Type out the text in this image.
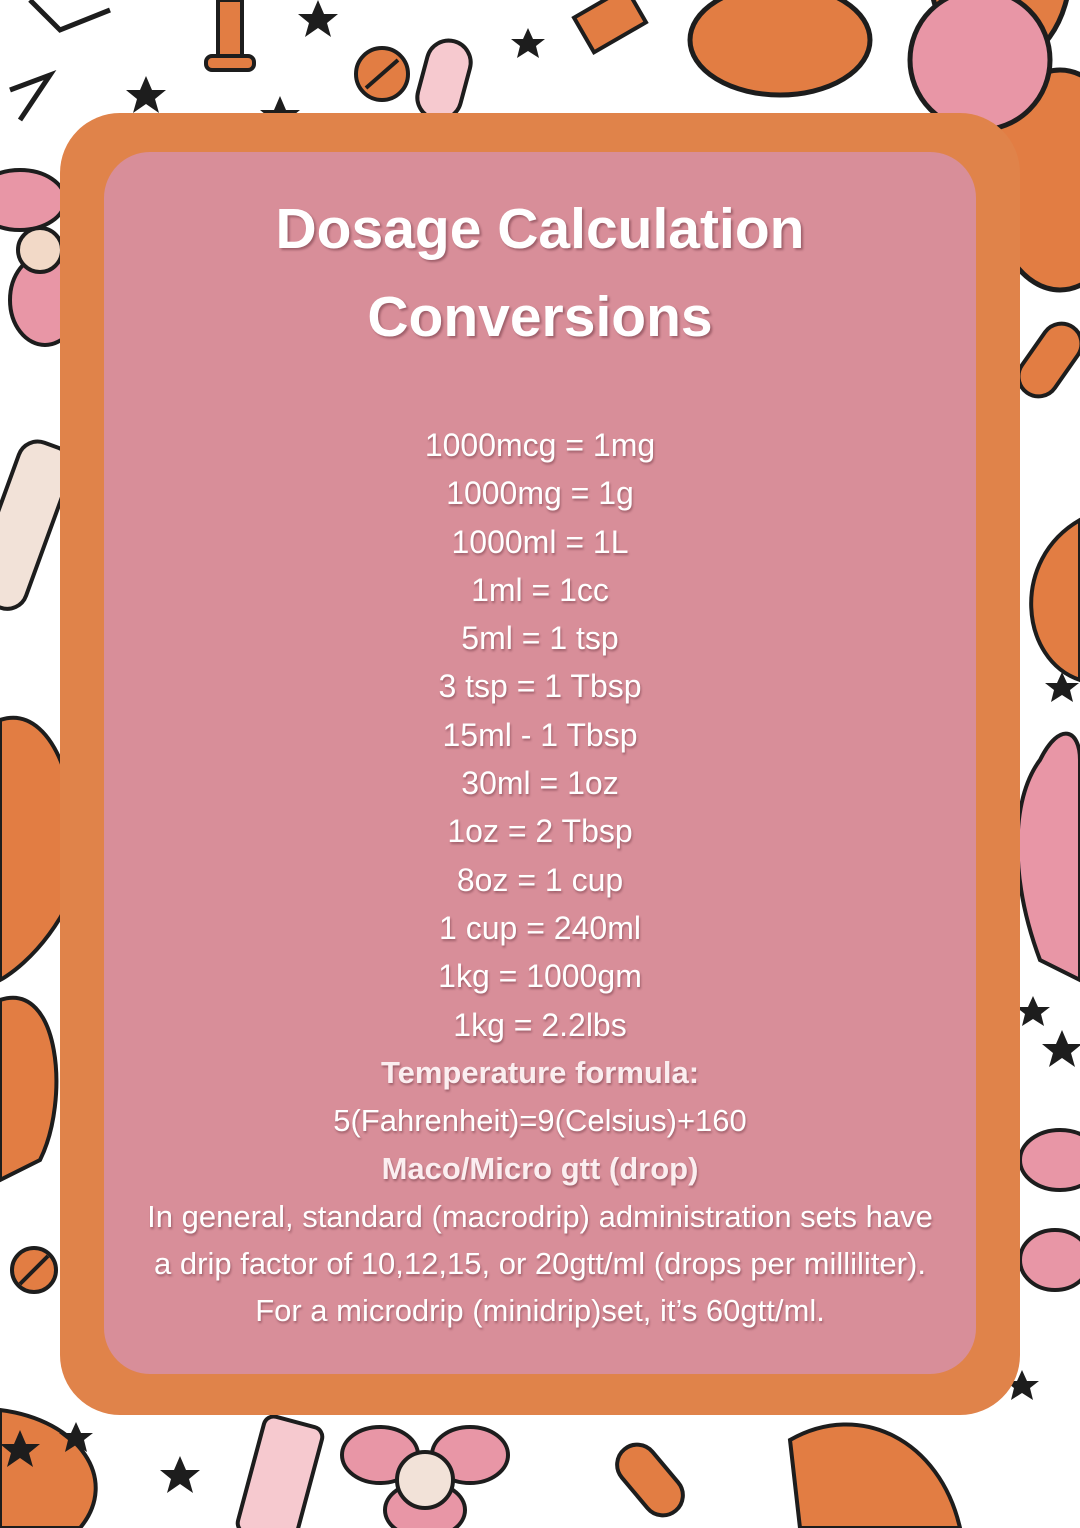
Dosage Calculation
Conversions
1000mcg = 1mg
1000mg = 1g
1000ml = 1L
1ml = 1cc
5ml = 1 tsp
3 tsp = 1 Tbsp
15ml - 1 Tbsp
30ml = 1oz
1oz = 2 Tbsp
8oz = 1 cup
1 cup = 240ml
1kg = 1000gm
1kg = 2.2lbs
Temperature formula:
5(Fahrenheit)=9(Celsius)+160
Maco/Micro gtt (drop)
In general, standard (macrodrip) administration sets have a drip factor of 10,12,15, or 20gtt/ml (drops per milliliter).
For a microdrip (minidrip)set, it’s 60gtt/ml.
